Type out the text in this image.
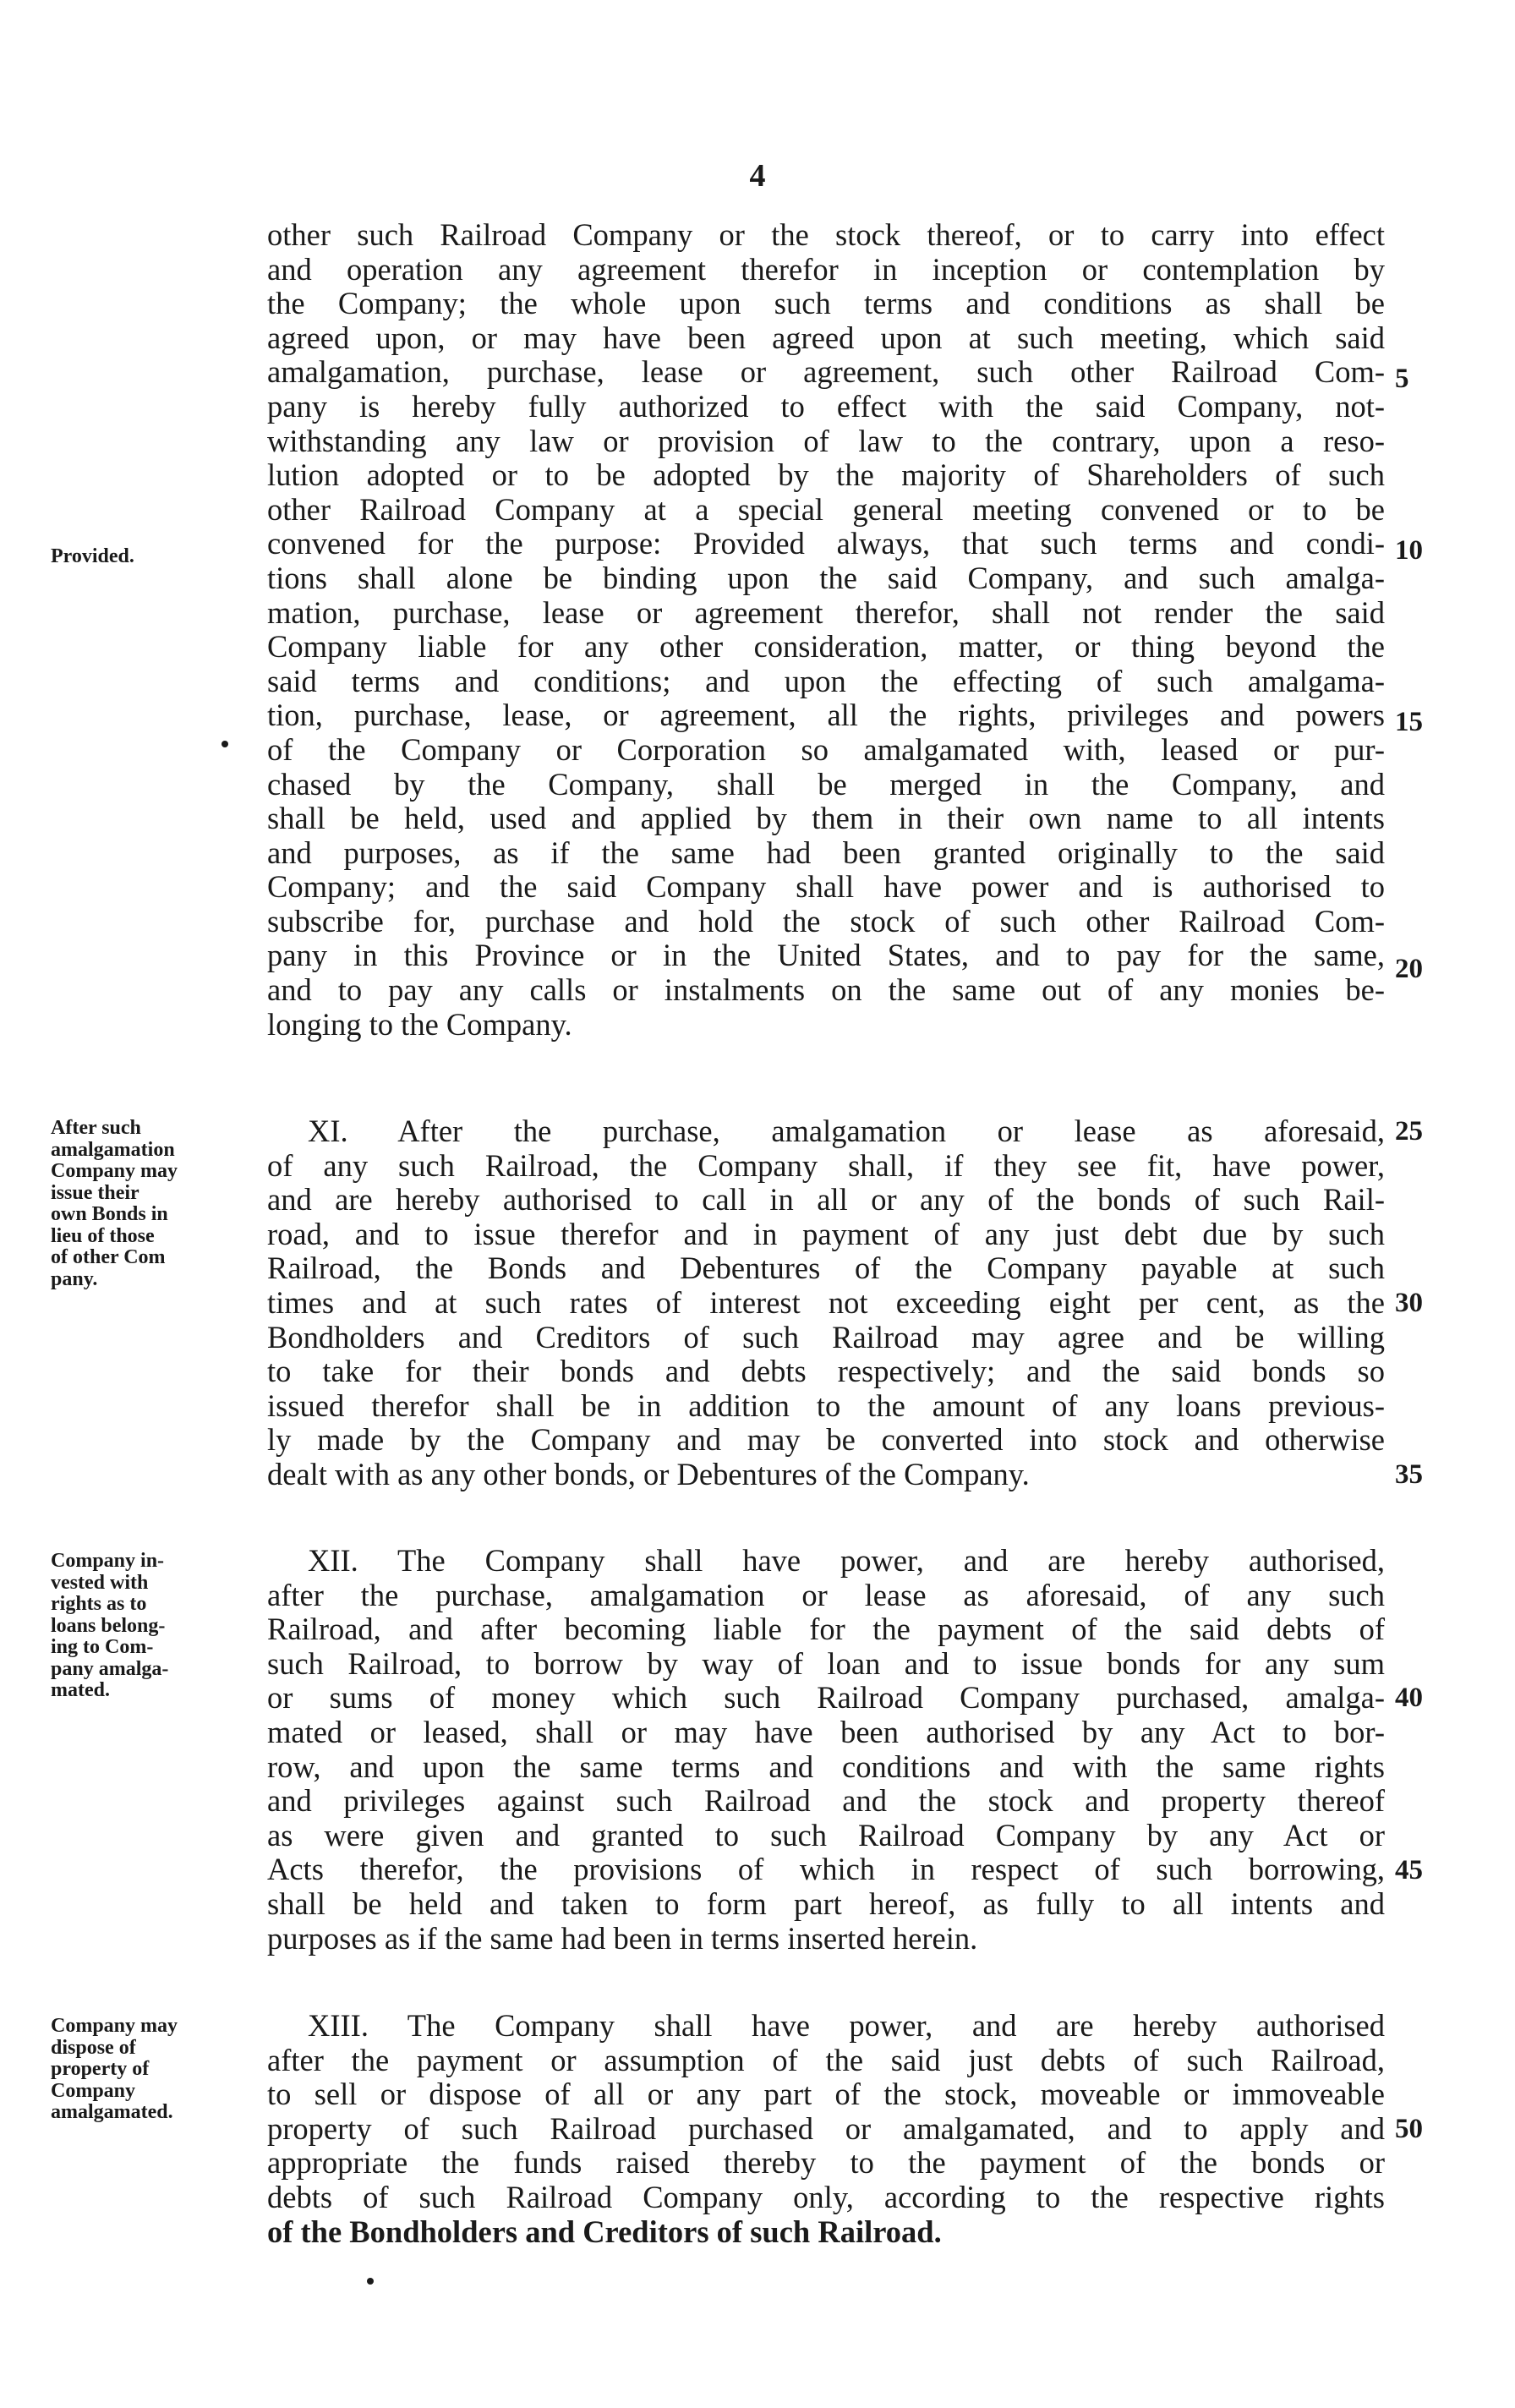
4
other such Railroad Company or the stock thereof, or to carry into effect
and operation any agreement therefor in inception or contemplation by
the Company; the whole upon such terms and conditions as shall be
agreed upon, or may have been agreed upon at such meeting, which said
amalgamation, purchase, lease or agreement, such other Railroad Com-
pany is hereby fully authorized to effect with the said Company, not-
withstanding any law or provision of law to the contrary, upon a reso-
lution adopted or to be adopted by the majority of Shareholders of such
other Railroad Company at a special general meeting convened or to be
convened for the purpose: Provided always, that such terms and condi-
tions shall alone be binding upon the said Company, and such amalga-
mation, purchase, lease or agreement therefor, shall not render the said
Company liable for any other consideration, matter, or thing beyond the
said terms and conditions; and upon the effecting of such amalgama-
tion, purchase, lease, or agreement, all the rights, privileges and powers
of the Company or Corporation so amalgamated with, leased or pur-
chased by the Company, shall be merged in the Company, and
shall be held, used and applied by them in their own name to all intents
and purposes, as if the same had been granted originally to the said
Company; and the said Company shall have power and is authorised to
subscribe for, purchase and hold the stock of such other Railroad Com-
pany in this Province or in the United States, and to pay for the same,
and to pay any calls or instalments on the same out of any monies be-
longing to the Company.
XI. After the purchase, amalgamation or lease as aforesaid,
of any such Railroad, the Company shall, if they see fit, have power,
and are hereby authorised to call in all or any of the bonds of such Rail-
road, and to issue therefor and in payment of any just debt due by such
Railroad, the Bonds and Debentures of the Company payable at such
times and at such rates of interest not exceeding eight per cent, as the
Bondholders and Creditors of such Railroad may agree and be willing
to take for their bonds and debts respectively; and the said bonds so
issued therefor shall be in addition to the amount of any loans previous-
ly made by the Company and may be converted into stock and otherwise
dealt with as any other bonds, or Debentures of the Company.
XII. The Company shall have power, and are hereby authorised,
after the purchase, amalgamation or lease as aforesaid, of any such
Railroad, and after becoming liable for the payment of the said debts of
such Railroad, to borrow by way of loan and to issue bonds for any sum
or sums of money which such Railroad Company purchased, amalga-
mated or leased, shall or may have been authorised by any Act to bor-
row, and upon the same terms and conditions and with the same rights
and privileges against such Railroad and the stock and property thereof
as were given and granted to such Railroad Company by any Act or
Acts therefor, the provisions of which in respect of such borrowing,
shall be held and taken to form part hereof, as fully to all intents and
purposes as if the same had been in terms inserted herein.
XIII. The Company shall have power, and are hereby authorised
after the payment or assumption of the said just debts of such Railroad,
to sell or dispose of all or any part of the stock, moveable or immoveable
property of such Railroad purchased or amalgamated, and to apply and
appropriate the funds raised thereby to the payment of the bonds or
debts of such Railroad Company only, according to the respective rights
of the Bondholders and Creditors of such Railroad.
5
10
15
20
25
30
35
40
45
50
Provided.
After such
amalgamation
Company may
issue their
own Bonds in
lieu of those
of other Com
pany.
Company in-
vested with
rights as to
loans belong-
ing to Com-
pany amalga-
mated.
Company may
dispose of
property of
Company
amalgamated.
